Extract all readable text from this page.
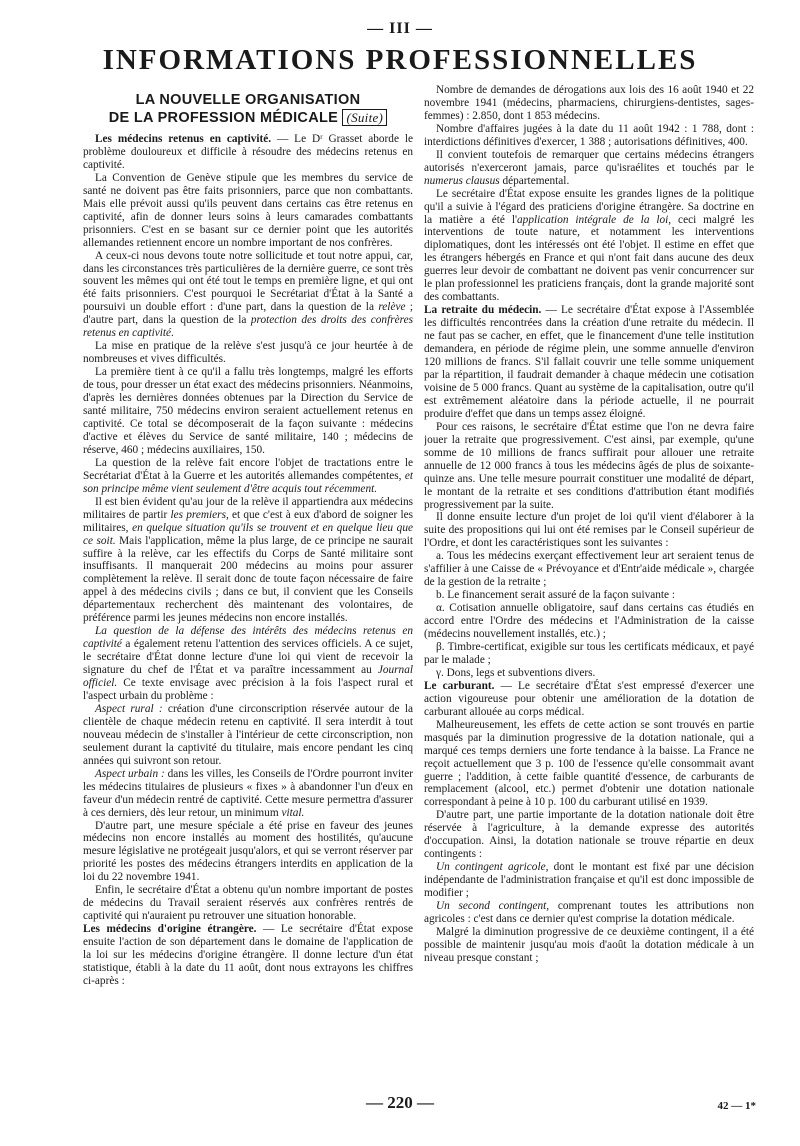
— III —
INFORMATIONS PROFESSIONNELLES
LA NOUVELLE ORGANISATION
DE LA PROFESSION MÉDICALE (Suite)

Les médecins retenus en captivité. — Le Dʳ Grasset aborde le problème douloureux et difficile à résoudre des médecins retenus en captivité.

La Convention de Genève stipule que les membres du service de santé ne doivent pas être faits prisonniers, parce que non combattants. Mais elle prévoit aussi qu'ils peuvent dans certains cas être retenus en captivité, afin de donner leurs soins à leurs camarades combattants prisonniers. C'est en se basant sur ce dernier point que les autorités allemandes retiennent encore un nombre important de nos confrères.

A ceux-ci nous devons toute notre sollicitude et tout notre appui, car, dans les circonstances très particulières de la dernière guerre, ce sont très souvent les mêmes qui ont été tout le temps en première ligne, et qui ont été faits prisonniers. C'est pourquoi le Secrétariat d'État à la Santé a poursuivi un double effort : d'une part, dans la question de la relève ; d'autre part, dans la question de la protection des droits des confrères retenus en captivité.

La mise en pratique de la relève s'est jusqu'à ce jour heurtée à de nombreuses et vives difficultés.

La première tient à ce qu'il a fallu très longtemps, malgré les efforts de tous, pour dresser un état exact des médecins prisonniers. Néanmoins, d'après les dernières données obtenues par la Direction du Service de santé militaire, 750 médecins environ seraient actuellement retenus en captivité. Ce total se décomposerait de la façon suivante : médecins d'active et élèves du Service de santé militaire, 140 ; médecins de réserve, 460 ; médecins auxiliaires, 150.

La question de la relève fait encore l'objet de tractations entre le Secrétariat d'État à la Guerre et les autorités allemandes compétentes, et son principe même vient seulement d'être acquis tout récemment.

Il est bien évident qu'au jour de la relève il appartiendra aux médecins militaires de partir les premiers, et que c'est à eux d'abord de soigner les militaires, en quelque situation qu'ils se trouvent et en quelque lieu que ce soit. Mais l'application, même la plus large, de ce principe ne saurait suffire à la relève, car les effectifs du Corps de Santé militaire sont insuffisants. Il manquerait 200 médecins au moins pour assurer complètement la relève. Il serait donc de toute façon nécessaire de faire appel à des médecins civils ; dans ce but, il convient que les Conseils départementaux recherchent dès maintenant des volontaires, de préférence parmi les jeunes médecins non encore installés.

La question de la défense des intérêts des médecins retenus en captivité a également retenu l'attention des services officiels. A ce sujet, le secrétaire d'État donne lecture d'une loi qui vient de recevoir la signature du chef de l'État et va paraître incessamment au Journal officiel. Ce texte envisage avec précision à la fois l'aspect rural et l'aspect urbain du problème :

Aspect rural : création d'une circonscription réservée autour de la clientèle de chaque médecin retenu en captivité. Il sera interdit à tout nouveau médecin de s'installer à l'intérieur de cette circonscription, non seulement durant la captivité du titulaire, mais encore pendant les cinq années qui suivront son retour.

Aspect urbain : dans les villes, les Conseils de l'Ordre pourront inviter les médecins titulaires de plusieurs « fixes » à abandonner l'un d'eux en faveur d'un médecin rentré de captivité. Cette mesure permettra d'assurer à ces derniers, dès leur retour, un minimum vital.

D'autre part, une mesure spéciale a été prise en faveur des jeunes médecins non encore installés au moment des hostilités, qu'aucune mesure législative ne protégeait jusqu'alors, et qui se verront réserver par priorité les postes des médecins étrangers interdits en application de la loi du 22 novembre 1941.

Enfin, le secrétaire d'État a obtenu qu'un nombre important de postes de médecins du Travail seraient réservés aux confrères rentrés de captivité qui n'auraient pu retrouver une situation honorable.

Les médecins d'origine étrangère. — Le secrétaire d'État expose ensuite l'action de son département dans le domaine de l'application de la loi sur les médecins d'origine étrangère. Il donne lecture d'un état statistique, établi à la date du 11 août, dont nous extrayons les chiffres ci-après :

Nombre de demandes de dérogations aux lois des 16 août 1940 et 22 novembre 1941 (médecins, pharmaciens, chirurgiens-dentistes, sages-femmes) : 2.850, dont 1 853 médecins.

Nombre d'affaires jugées à la date du 11 août 1942 : 1 788, dont : interdictions définitives d'exercer, 1 388 ; autorisations définitives, 400.

Il convient toutefois de remarquer que certains médecins étrangers autorisés n'exerceront jamais, parce qu'israélites et touchés par le numerus clausus départemental.

Le secrétaire d'État expose ensuite les grandes lignes de la politique qu'il a suivie à l'égard des praticiens d'origine étrangère. Sa doctrine en la matière a été l'application intégrale de la loi, ceci malgré les interventions de toute nature, et notamment les interventions diplomatiques, dont les intéressés ont été l'objet. Il estime en effet que les étrangers hébergés en France et qui n'ont fait dans aucune des deux guerres leur devoir de combattant ne doivent pas venir concurrencer sur le plan professionnel les praticiens français, dont la grande majorité sont des combattants.

La retraite du médecin. — Le secrétaire d'État expose à l'Assemblée les difficultés rencontrées dans la création d'une retraite du médecin. Il ne faut pas se cacher, en effet, que le financement d'une telle institution demandera, en période de régime plein, une somme annuelle d'environ 120 millions de francs. S'il fallait couvrir une telle somme uniquement par la répartition, il faudrait demander à chaque médecin une cotisation voisine de 5 000 francs. Quant au système de la capitalisation, outre qu'il est extrêmement aléatoire dans la période actuelle, il ne pourrait produire d'effet que dans un temps assez éloigné.

Pour ces raisons, le secrétaire d'État estime que l'on ne devra faire jouer la retraite que progressivement. C'est ainsi, par exemple, qu'une somme de 10 millions de francs suffirait pour allouer une retraite annuelle de 12 000 francs à tous les médecins âgés de plus de soixante-quinze ans. Une telle mesure pourrait constituer une modalité de départ, le montant de la retraite et ses conditions d'attribution étant modifiés progressivement par la suite.

Il donne ensuite lecture d'un projet de loi qu'il vient d'élaborer à la suite des propositions qui lui ont été remises par le Conseil supérieur de l'Ordre, et dont les caractéristiques sont les suivantes :

a. Tous les médecins exerçant effectivement leur art seraient tenus de s'affilier à une Caisse de « Prévoyance et d'Entr'aide médicale », chargée de la gestion de la retraite ;

b. Le financement serait assuré de la façon suivante :

α. Cotisation annuelle obligatoire, sauf dans certains cas étudiés en accord entre l'Ordre des médecins et l'Administration de la caisse (médecins nouvellement installés, etc.) ;

β. Timbre-certificat, exigible sur tous les certificats médicaux, et payé par le malade ;

γ. Dons, legs et subventions divers.

Le carburant. — Le secrétaire d'État s'est empressé d'exercer une action vigoureuse pour obtenir une amélioration de la dotation de carburant allouée au corps médical.

Malheureusement, les effets de cette action se sont trouvés en partie masqués par la diminution progressive de la dotation nationale, qui a marqué ces temps derniers une forte tendance à la baisse. La France ne reçoit actuellement que 3 p. 100 de l'essence qu'elle consommait avant guerre ; l'addition, à cette faible quantité d'essence, de carburants de remplacement (alcool, etc.) permet d'obtenir une dotation nationale correspondant à peine à 10 p. 100 du carburant utilisé en 1939.

D'autre part, une partie importante de la dotation nationale doit être réservée à l'agriculture, à la demande expresse des autorités d'occupation. Ainsi, la dotation nationale se trouve répartie en deux contingents :

Un contingent agricole, dont le montant est fixé par une décision indépendante de l'administration française et qu'il est donc impossible de modifier ;

Un second contingent, comprenant toutes les attributions non agricoles : c'est dans ce dernier qu'est comprise la dotation médicale.

Malgré la diminution progressive de ce deuxième contingent, il a été possible de maintenir jusqu'au mois d'août la dotation médicale à un niveau presque constant ;

— 220 —	42 — 1*
